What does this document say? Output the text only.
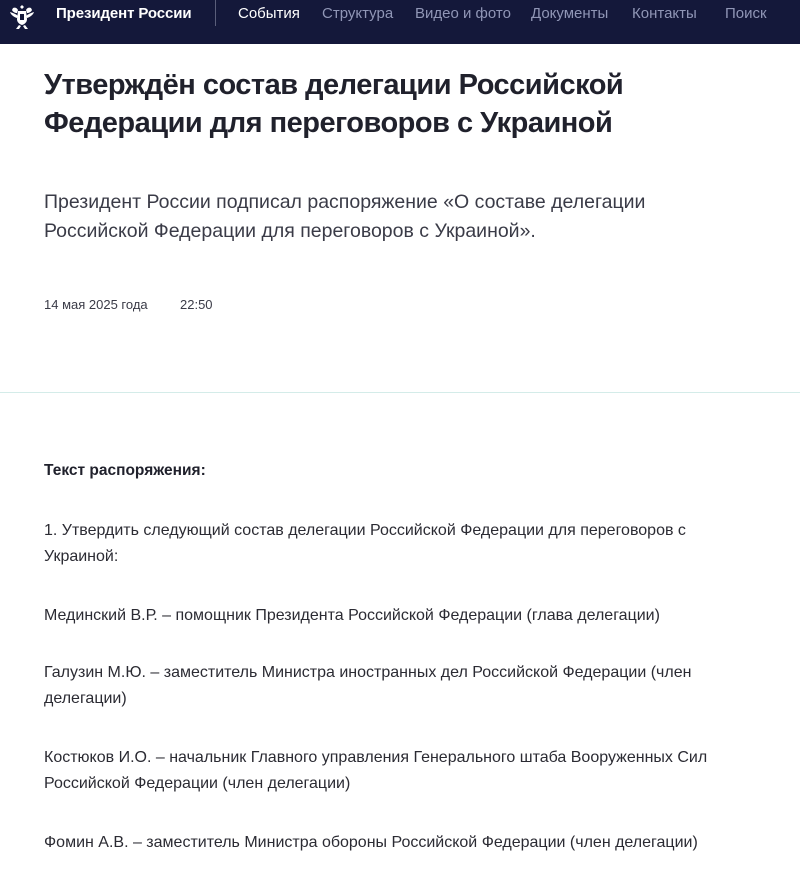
Президент России	События Структура Видео и фото Документы Контакты Поиск
Утверждён состав делегации Российской Федерации для переговоров с Украиной

Президент России подписал распоряжение «О составе делегации Российской Федерации для переговоров с Украиной».

14 мая 2025 года 22:50
Текст распоряжения:

1. Утвердить следующий состав делегации Российской Федерации для переговоров с Украиной:

Мединский В.Р. – помощник Президента Российской Федерации (глава делегации)

Галузин М.Ю. – заместитель Министра иностранных дел Российской Федерации (член делегации)

Костюков И.О. – начальник Главного управления Генерального штаба Вооруженных Сил Российской Федерации (член делегации)

Фомин А.В. – заместитель Министра обороны Российской Федерации (член делегации)
